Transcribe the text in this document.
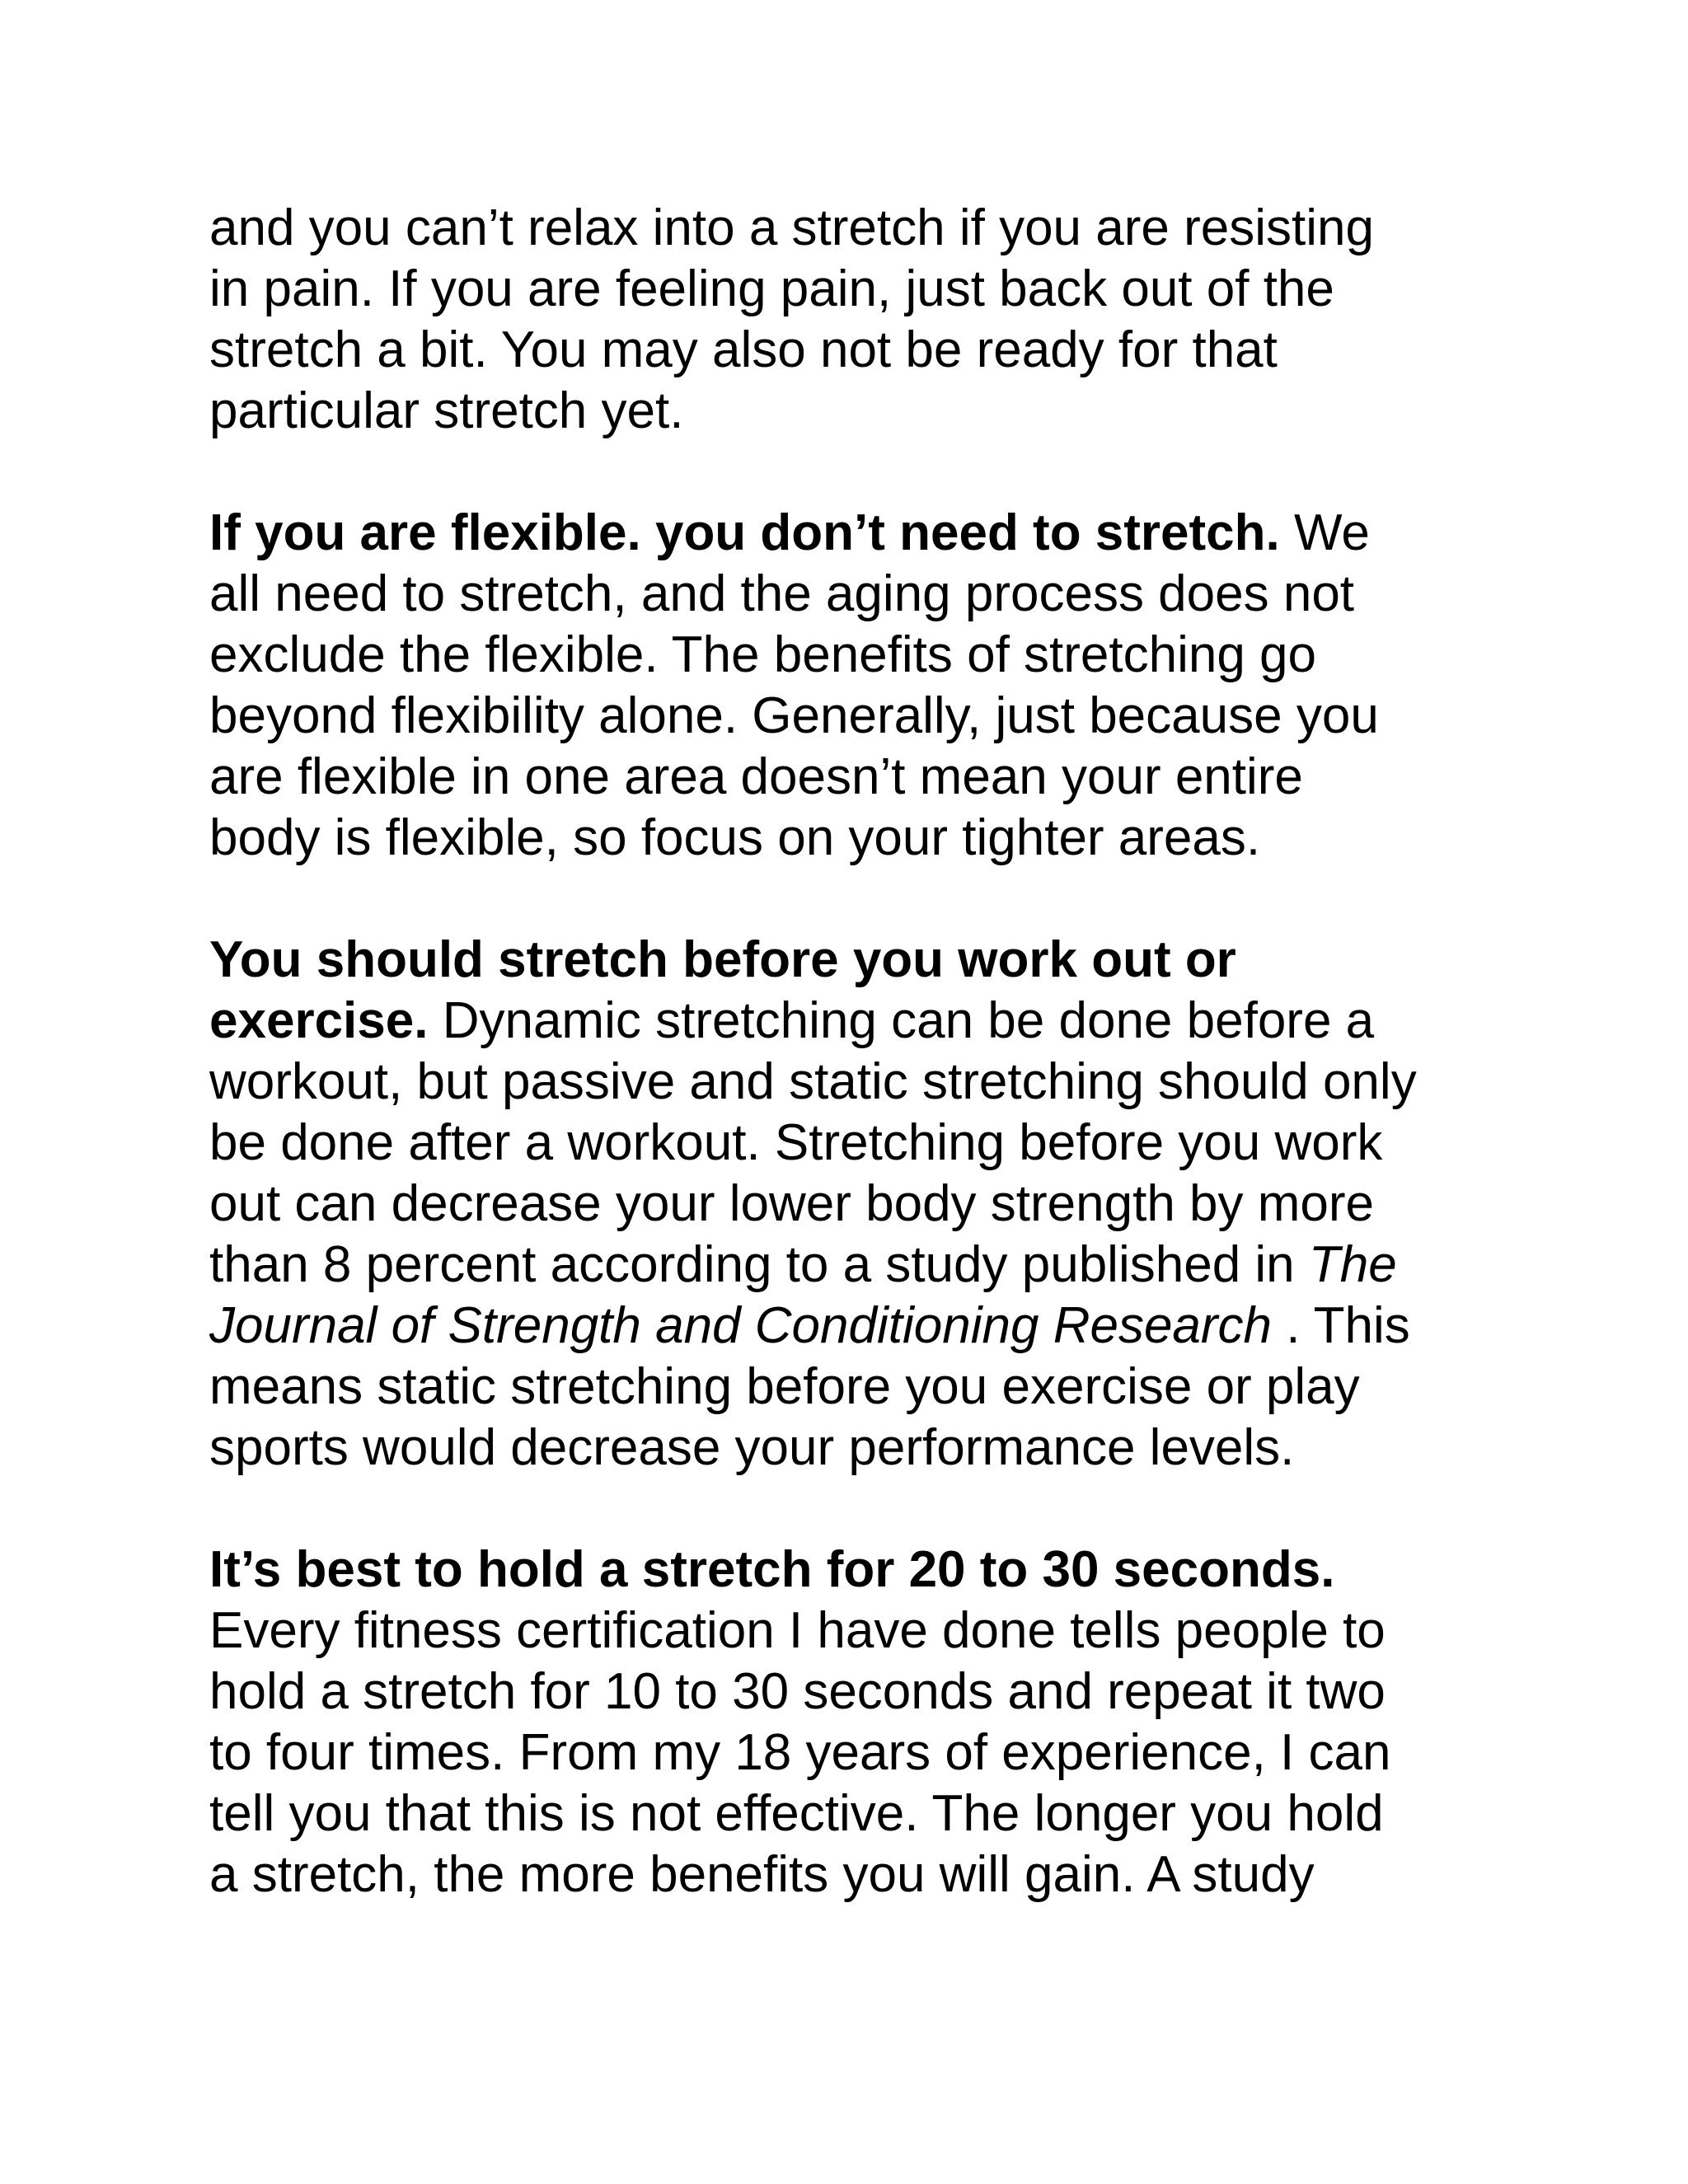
and you can’t relax into a stretch if you are resisting
in pain. If you are feeling pain, just back out of the
stretch a bit. You may also not be ready for that
particular stretch yet.

If you are flexible. you don’t need to stretch. We
all need to stretch, and the aging process does not
exclude the flexible. The benefits of stretching go
beyond flexibility alone. Generally, just because you
are flexible in one area doesn’t mean your entire
body is flexible, so focus on your tighter areas.

You should stretch before you work out or
exercise. Dynamic stretching can be done before a
workout, but passive and static stretching should only
be done after a workout. Stretching before you work
out can decrease your lower body strength by more
than 8 percent according to a study published in The
Journal of Strength and Conditioning Research . This
means static stretching before you exercise or play
sports would decrease your performance levels.

It’s best to hold a stretch for 20 to 30 seconds.
Every fitness certification I have done tells people to
hold a stretch for 10 to 30 seconds and repeat it two
to four times. From my 18 years of experience, I can
tell you that this is not effective. The longer you hold
a stretch, the more benefits you will gain. A study
